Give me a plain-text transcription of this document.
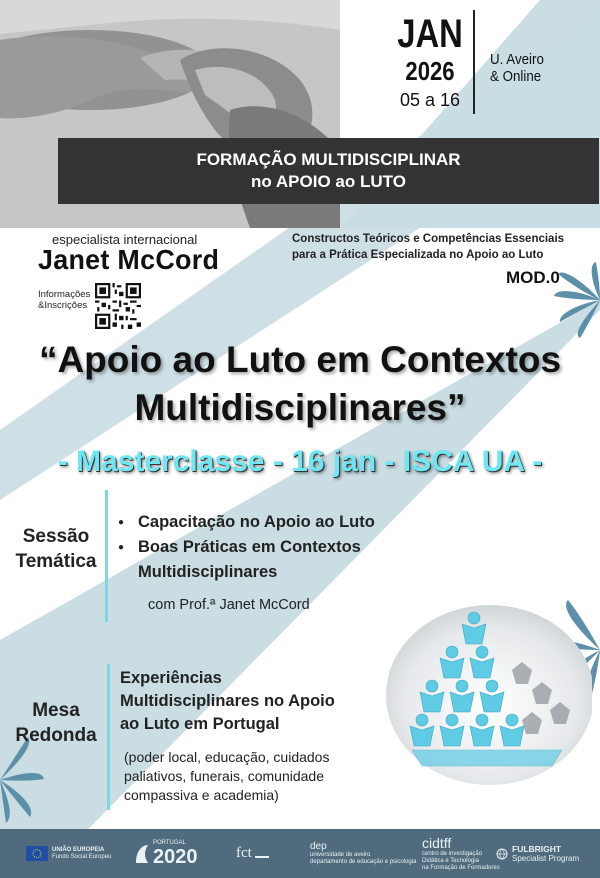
JAN
2026
05 a 16
U. Aveiro
& Online
FORMAÇÃO MULTIDISCIPLINAR
no APOIO ao LUTO
especialista internacional
Janet McCord
Informações
&Inscrições
Constructos Teóricos e Competências Essenciais
para a Prática Especializada no Apoio ao Luto
MOD.0
“Apoio ao Luto em Contextos
Multidisciplinares”
- Masterclasse - 16 jan - ISCA UA -
Sessão
Temática
● Capacitação no Apoio ao Luto
● Boas Práticas em Contextos
Multidisciplinares
com Prof.ª Janet McCord
Mesa
Redonda
Experiências
Multidisciplinares no Apoio
ao Luto em Portugal
(poder local, educação, cuidados
paliativos, funerais, comunidade
compassiva e academia)
UNIÃO EUROPEIA
Fundo Social Europeu
PORTUGAL
2020	fct	dep
universidade de aveiro
departamento de educação e psicologia
cidtff
centro de investigação
Didática e Tecnologia
na Formação de Formadores
FULBRIGHT
Specialist Program
